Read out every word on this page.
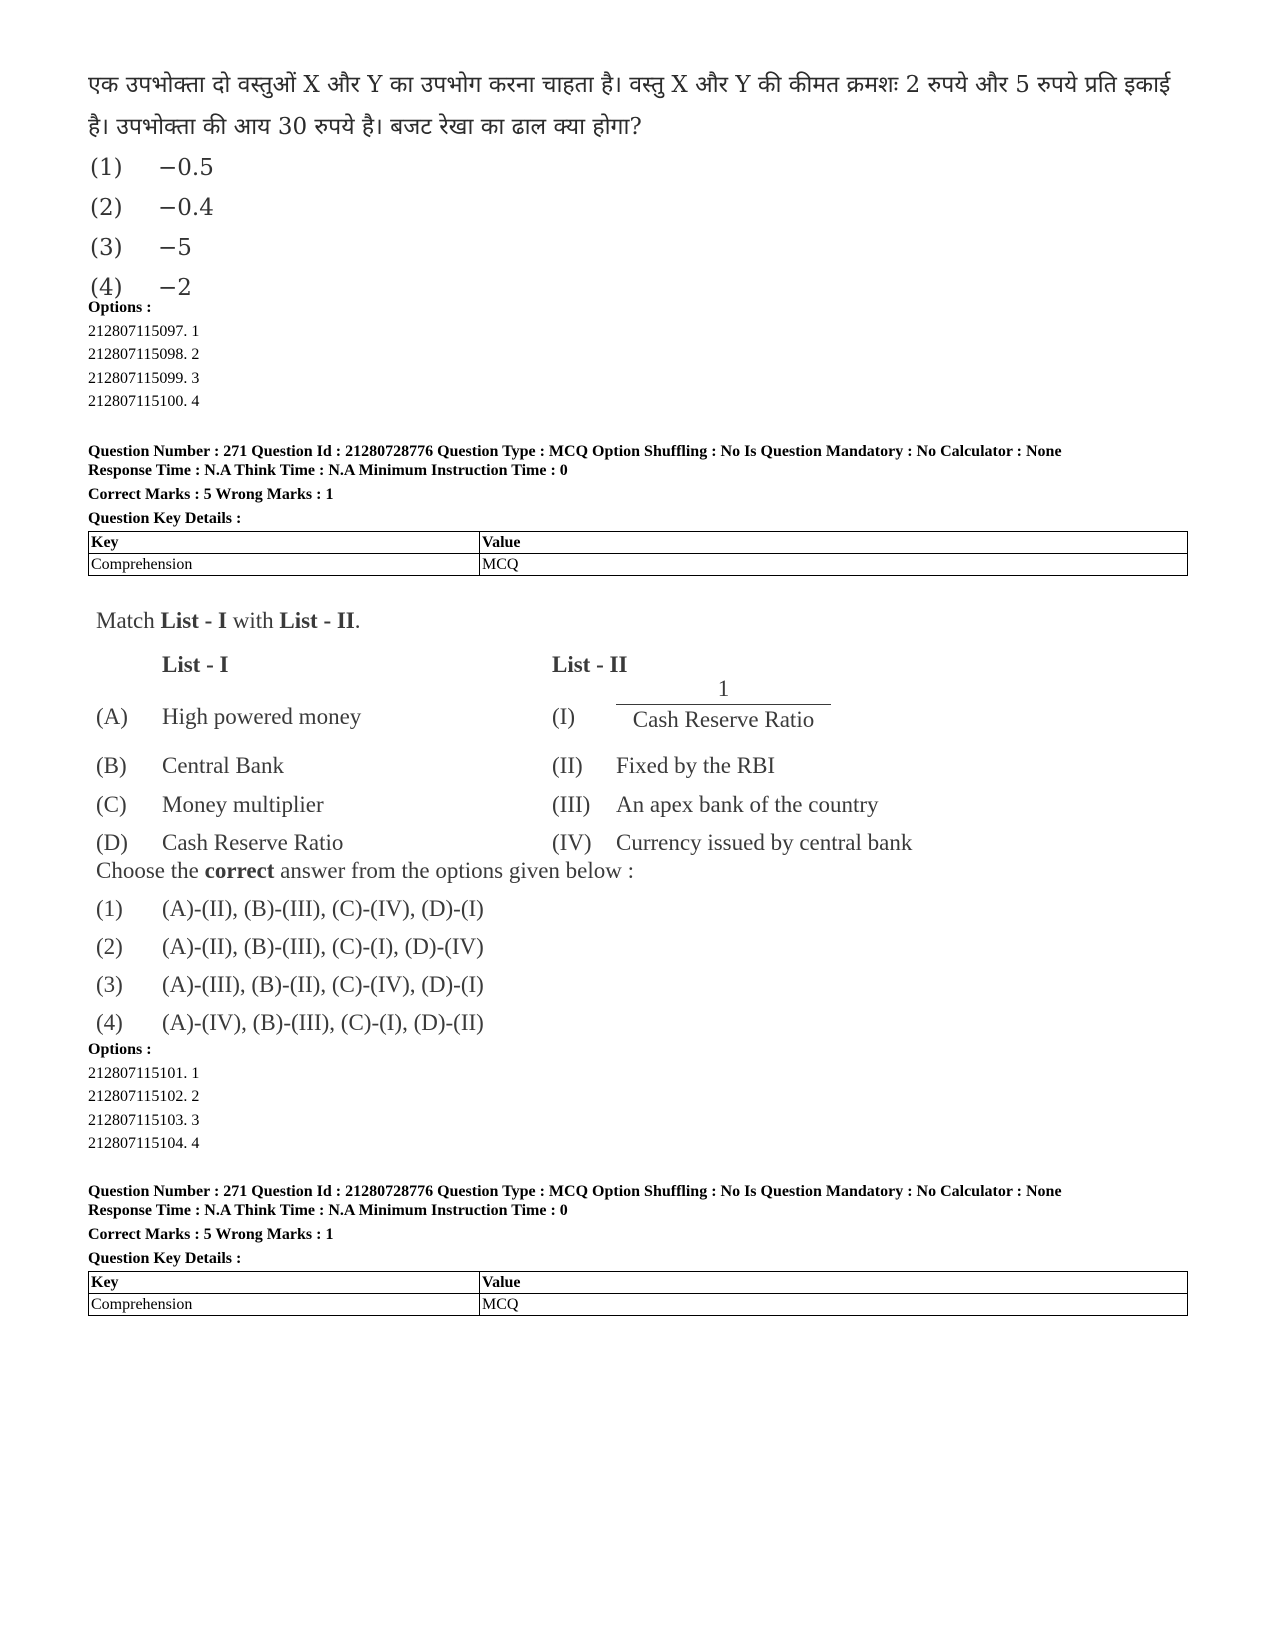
एक उपभोक्ता दो वस्तुओं X और Y का उपभोग करना चाहता है। वस्तु X और Y की कीमत क्रमशः 2 रुपये और 5 रुपये प्रति इकाई है। उपभोक्ता की आय 30 रुपये है। बजट रेखा का ढाल क्या होगा?
(1)	−0.5
(2)	−0.4
(3)	−5
(4)	−2
Options :
212807115097. 1
212807115098. 2
212807115099. 3
212807115100. 4
Question Number : 271 Question Id : 21280728776 Question Type : MCQ Option Shuffling : No Is Question Mandatory : No Calculator : None
Response Time : N.A Think Time : N.A Minimum Instruction Time : 0
Correct Marks : 5 Wrong Marks : 1
Question Key Details :
Key	Value
Comprehension	MCQ
Match List - I with List - II.
List - I	List - II
(A) High powered money	(I)
1
Cash Reserve Ratio
(B) Central Bank	(II) Fixed by the RBI
(C) Money multiplier	(III) An apex bank of the country
(D) Cash Reserve Ratio	(IV) Currency issued by central bank
Choose the correct answer from the options given below :
(1) (A)-(II), (B)-(III), (C)-(IV), (D)-(I)
(2) (A)-(II), (B)-(III), (C)-(I), (D)-(IV)
(3) (A)-(III), (B)-(II), (C)-(IV), (D)-(I)
(4) (A)-(IV), (B)-(III), (C)-(I), (D)-(II)
Options :
212807115101. 1
212807115102. 2
212807115103. 3
212807115104. 4
Question Number : 271 Question Id : 21280728776 Question Type : MCQ Option Shuffling : No Is Question Mandatory : No Calculator : None
Response Time : N.A Think Time : N.A Minimum Instruction Time : 0
Correct Marks : 5 Wrong Marks : 1
Question Key Details :
Key	Value
Comprehension	MCQ
